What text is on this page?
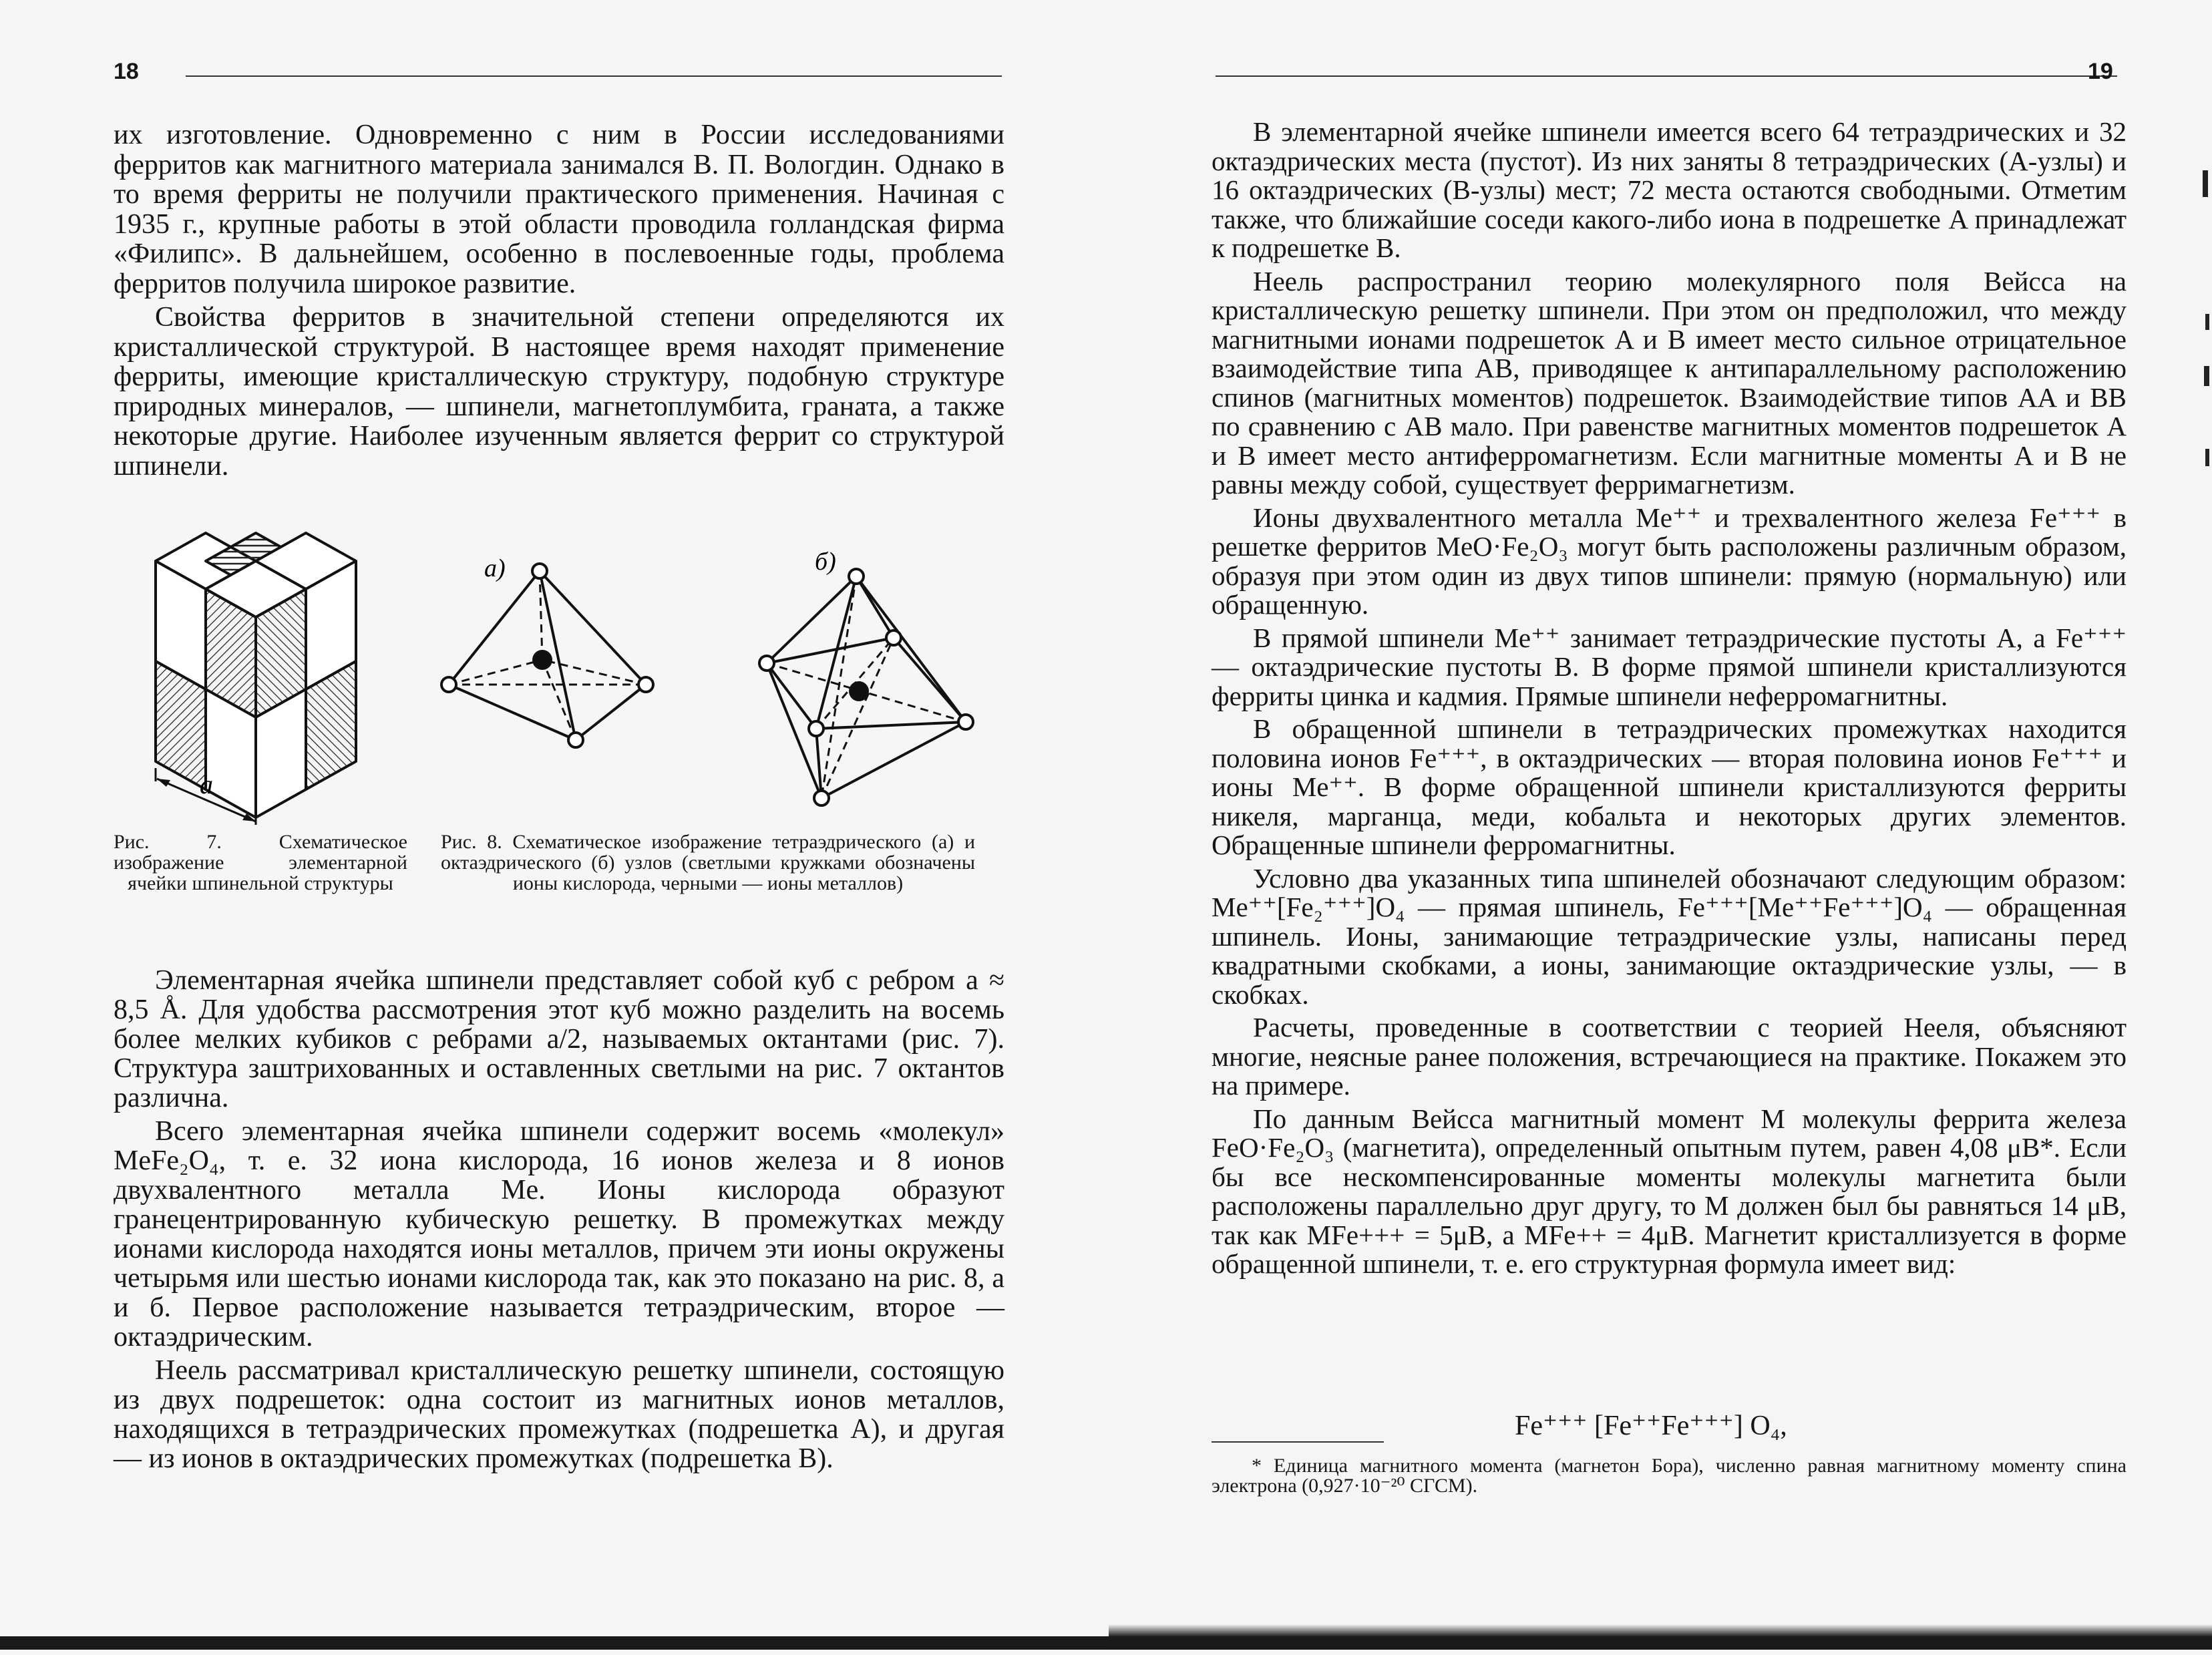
18

их изготовление. Одновременно с ним в России исследованиями ферритов как магнитного материала занимался В. П. Вологдин. Однако в то время ферриты не получили практического применения. Начиная с 1935 г., крупные работы в этой области проводила голландская фирма «Филипс». В дальнейшем, особенно в послевоенные годы, проблема ферритов получила широкое развитие.

Свойства ферритов в значительной степени определяются их кристаллической структурой. В настоящее время находят применение ферриты, имеющие кристаллическую структуру, подобную структуре природных минералов, — шпинели, магнетоплумбита, граната, а также некоторые другие. Наиболее изученным является феррит со структурой шпинели.

a
а)	б)
Рис. 7. Схематическое изображение элементарной ячейки шпинельной структуры
Рис. 8. Схематическое изображение тетраэдрического (а) и октаэдрического (б) узлов (светлыми кружками обозначены ионы кислорода, черными — ионы металлов)

Элементарная ячейка шпинели представляет собой куб с ребром a ≈ 8,5 Å. Для удобства рассмотрения этот куб можно разделить на восемь более мелких кубиков с ребрами a/2, называемых октантами (рис. 7). Структура заштрихованных и оставленных светлыми на рис. 7 октантов различна.

Всего элементарная ячейка шпинели содержит восемь «молекул» MeFe₂O₄, т. е. 32 иона кислорода, 16 ионов железа и 8 ионов двухвалентного металла Me. Ионы кислорода образуют гранецентрированную кубическую решетку. В промежутках между ионами кислорода находятся ионы металлов, причем эти ионы окружены четырьмя или шестью ионами кислорода так, как это показано на рис. 8, а и б. Первое расположение называется тетраэдрическим, второе — октаэдрическим.

Неель рассматривал кристаллическую решетку шпинели, состоящую из двух подрешеток: одна состоит из магнитных ионов металлов, находящихся в тетраэдрических промежутках (подрешетка A), и другая — из ионов в октаэдрических промежутках (подрешетка B).

19

В элементарной ячейке шпинели имеется всего 64 тетраэдрических и 32 октаэдрических места (пустот). Из них заняты 8 тетраэдрических (A-узлы) и 16 октаэдрических (B-узлы) мест; 72 места остаются свободными. Отметим также, что ближайшие соседи какого-либо иона в подрешетке A принадлежат к подрешетке B.

Неель распространил теорию молекулярного поля Вейсса на кристаллическую решетку шпинели. При этом он предположил, что между магнитными ионами подрешеток A и B имеет место сильное отрицательное взаимодействие типа AB, приводящее к антипараллельному расположению спинов (магнитных моментов) подрешеток. Взаимодействие типов AA и BB по сравнению с AB мало. При равенстве магнитных моментов подрешеток A и B имеет место антиферромагнетизм. Если магнитные моменты A и B не равны между собой, существует ферримагнетизм.

Ионы двухвалентного металла Me⁺⁺ и трехвалентного железа Fe⁺⁺⁺ в решетке ферритов MeO·Fe₂O₃ могут быть расположены различным образом, образуя при этом один из двух типов шпинели: прямую (нормальную) или обращенную.

В прямой шпинели Me⁺⁺ занимает тетраэдрические пустоты A, а Fe⁺⁺⁺ — октаэдрические пустоты B. В форме прямой шпинели кристаллизуются ферриты цинка и кадмия. Прямые шпинели неферромагнитны.

В обращенной шпинели в тетраэдрических промежутках находится половина ионов Fe⁺⁺⁺, в октаэдрических — вторая половина ионов Fe⁺⁺⁺ и ионы Me⁺⁺. В форме обращенной шпинели кристаллизуются ферриты никеля, марганца, меди, кобальта и некоторых других элементов. Обращенные шпинели ферромагнитны.

Условно два указанных типа шпинелей обозначают следующим образом: Me⁺⁺[Fe₂⁺⁺⁺]O₄ — прямая шпинель, Fe⁺⁺⁺[Me⁺⁺Fe⁺⁺⁺]O₄ — обращенная шпинель. Ионы, занимающие тетраэдрические узлы, написаны перед квадратными скобками, а ионы, занимающие октаэдрические узлы, — в скобках.

Расчеты, проведенные в соответствии с теорией Нееля, объясняют многие, неясные ранее положения, встречающиеся на практике. Покажем это на примере.

По данным Вейсса магнитный момент M молекулы феррита железа FeO·Fe₂O₃ (магнетита), определенный опытным путем, равен 4,08 μB*. Если бы все нескомпенсированные моменты молекулы магнетита были расположены параллельно друг другу, то M должен был бы равняться 14 μB, так как MFe+++ = 5μB, а MFe++ = 4μB. Магнетит кристаллизуется в форме обращенной шпинели, т. е. его структурная формула имеет вид:

Fe⁺⁺⁺ [Fe⁺⁺Fe⁺⁺⁺] O₄,
* Единица магнитного момента (магнетон Бора), численно равная магнитному моменту спина электрона (0,927·10⁻²⁰ СГСМ).
